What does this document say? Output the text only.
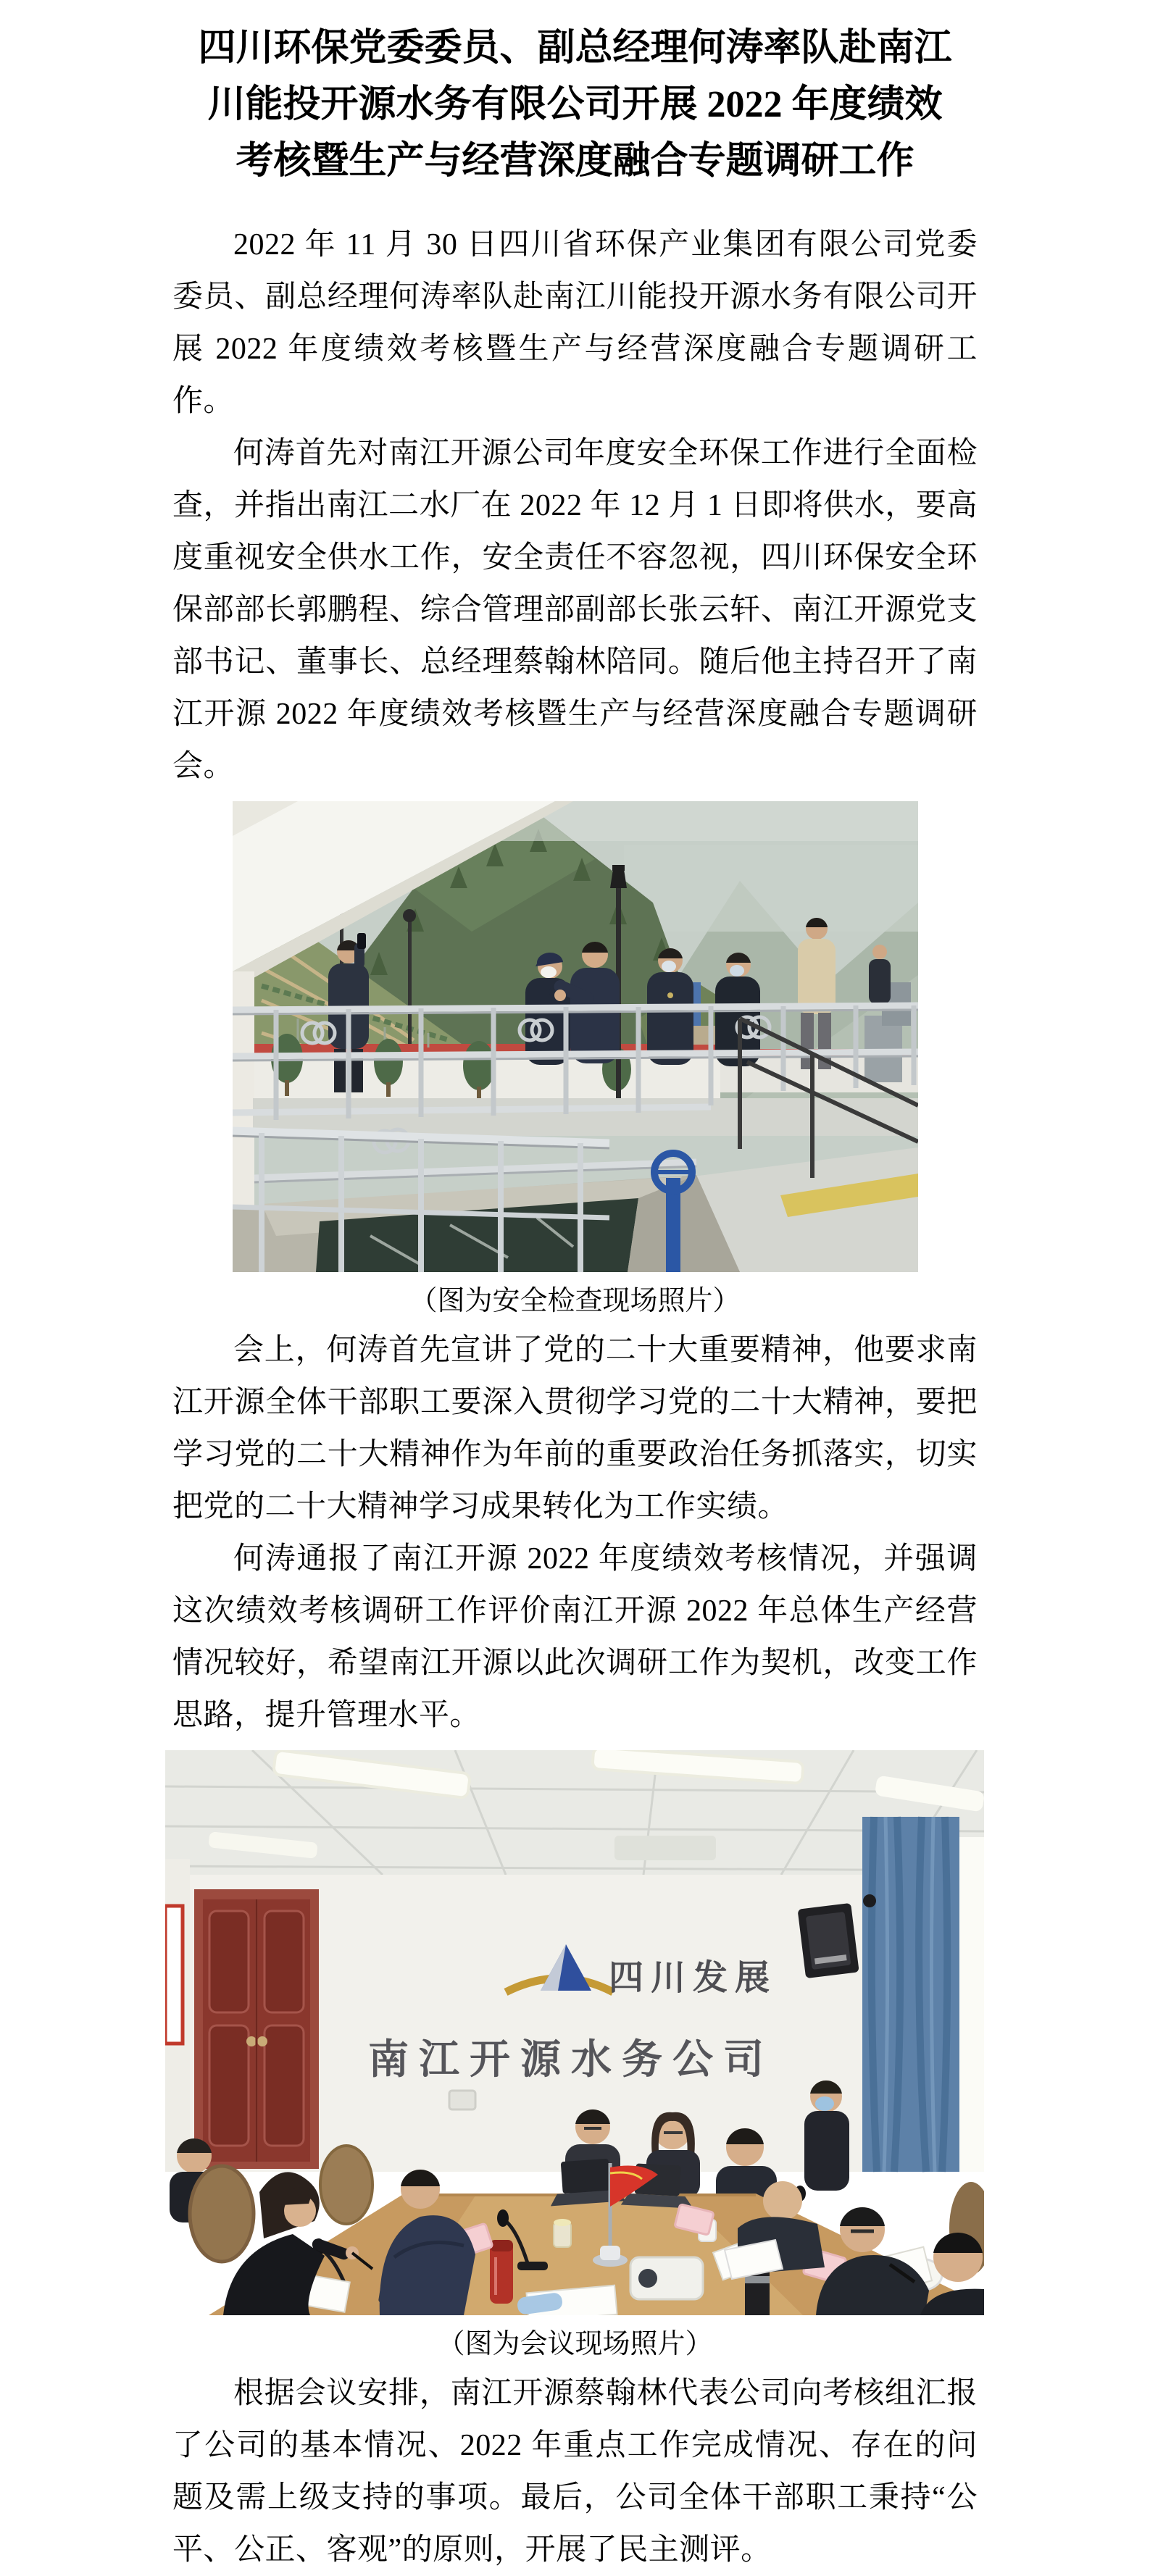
四川环保党委委员、副总经理何涛率队赴南江
川能投开源水务有限公司开展 2022 年度绩效
考核暨生产与经营深度融合专题调研工作

2022 年 11 月 30 日四川省环保产业集团有限公司党委委员、副总经理何涛率队赴南江川能投开源水务有限公司开展 2022 年度绩效考核暨生产与经营深度融合专题调研工作。

何涛首先对南江开源公司年度安全环保工作进行全面检查，并指出南江二水厂在 2022 年 12 月 1 日即将供水，要高度重视安全供水工作，安全责任不容忽视，四川环保安全环保部部长郭鹏程、综合管理部副部长张云轩、南江开源党支部书记、董事长、总经理蔡翰林陪同。随后他主持召开了南江开源 2022 年度绩效考核暨生产与经营深度融合专题调研会。

（图为安全检查现场照片）

会上，何涛首先宣讲了党的二十大重要精神，他要求南江开源全体干部职工要深入贯彻学习党的二十大精神，要把学习党的二十大精神作为年前的重要政治任务抓落实，切实把党的二十大精神学习成果转化为工作实绩。

何涛通报了南江开源 2022 年度绩效考核情况，并强调这次绩效考核调研工作评价南江开源 2022 年总体生产经营情况较好，希望南江开源以此次调研工作为契机，改变工作思路，提升管理水平。

四川发展
南江开源水务公司

（图为会议现场照片）

根据会议安排，南江开源蔡翰林代表公司向考核组汇报了公司的基本情况、2022 年重点工作完成情况、存在的问题及需上级支持的事项。最后，公司全体干部职工秉持“公平、公正、客观”的原则，开展了民主测评。
